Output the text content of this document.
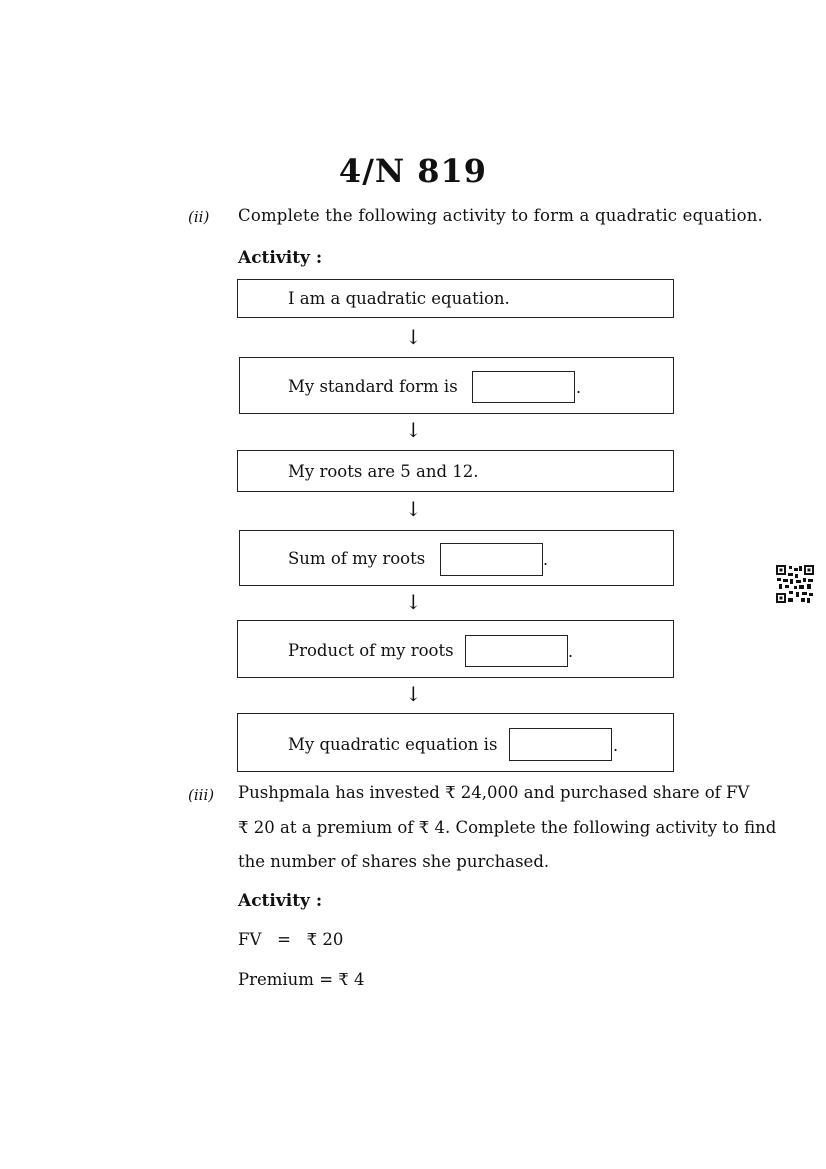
4/N 819
(ii) Complete the following activity to form a quadratic equation.
Activity :
I am a quadratic equation.
↓
My standard form is	.
↓
My roots are 5 and 12.
↓
Sum of my roots	.
↓
Product of my roots	.
↓
My quadratic equation is	.
(iii) Pushpmala has invested ₹ 24,000 and purchased share of FV
₹ 20 at a premium of ₹ 4. Complete the following activity to find
the number of shares she purchased.
Activity :
FV   =   ₹ 20
Premium = ₹ 4
